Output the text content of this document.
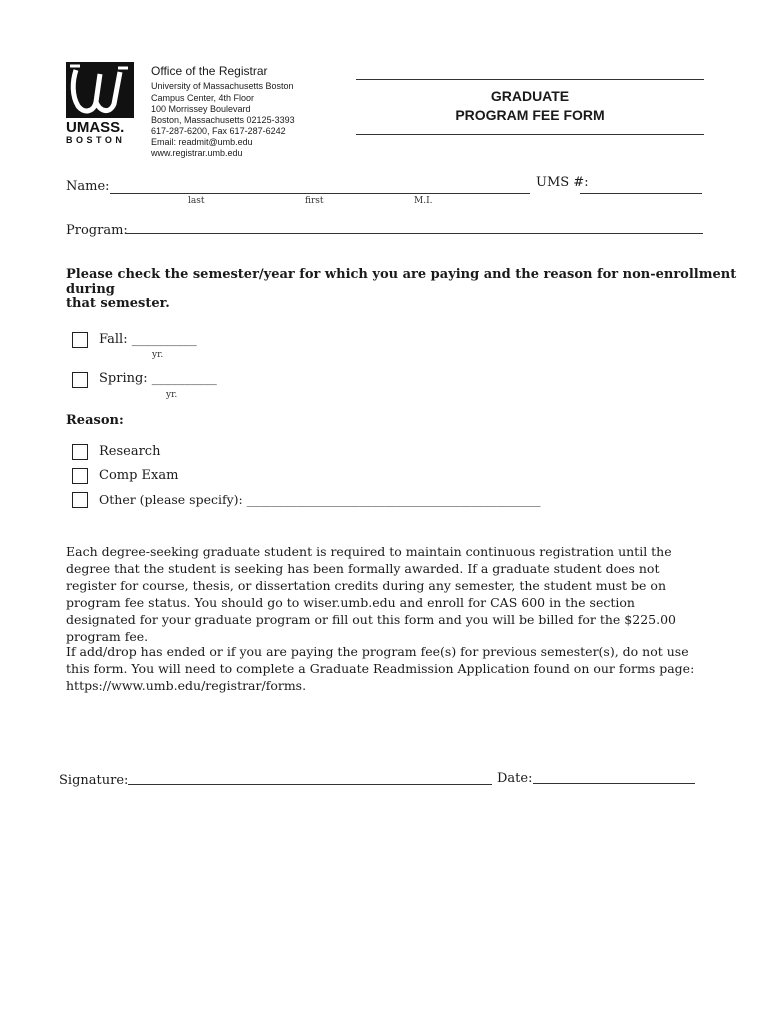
UMASS.
BOSTON
Office of the Registrar
University of Massachusetts Boston
Campus Center, 4th Floor
100 Morrissey Boulevard
Boston, Massachusetts 02125-3393
617-287-6200, Fax 617-287-6242
Email: readmit@umb.edu
www.registrar.umb.edu
GRADUATE
PROGRAM FEE FORM
Name:
last	first	M.I.
UMS #:
Program:
Please check the semester/year for which you are paying and the reason for non-enrollment during
that semester.
Fall: __________
yr.
Spring: __________
yr.
Reason:
Research
Comp Exam
Other (please specify): _______________________________________________
Each degree-seeking graduate student is required to maintain continuous registration until the degree that the student is seeking has been formally awarded. If a graduate student does not register for course, thesis, or dissertation credits during any semester, the student must be on program fee status. You should go to wiser.umb.edu and enroll for CAS 600 in the section designated for your graduate program or fill out this form and you will be billed for the $225.00 program fee.
If add/drop has ended or if you are paying the program fee(s) for previous semester(s), do not use this form. You will need to complete a Graduate Readmission Application found on our forms page: https://www.umb.edu/registrar/forms.
Signature:	Date:
